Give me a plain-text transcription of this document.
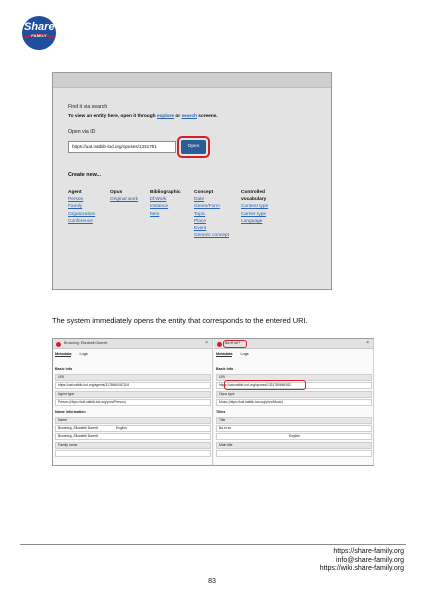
Share
FAMILY
Find it via search
To view an entity here, open it through explore or search screens.
Open via ID
https://uat.natbib-lod.org/opuses/1331761	Open
Create new...
Agent
Person
Family
Organization
Conference
Opus
Original work
Bibliographic
bf:Work
Instance
Item
Concept
Date
Genre/Form
Topic
Place
Event
Generic concept
Controlled vocabulary
Content type
Carrier type
Language
The system immediately opens the entity that corresponds to the entered URI.
Browsing: Elizabeth Barrett	×
Metadata Logs
Basic info
URI
https://uat.natbib-lod.org/agents/3178660067204
Agent type
Person (https://uat.natbib-lod.org/prov/Person)
Name information
Name
Browning, Elizabeth Barrett	English
Browning, Elizabeth Barrett
Family name
Ba et se?	×
Metadata Logs
Basic info
URI
https://uat.natbib-lod.org/opuses/1331789669182
Opus type
Music (https://uat.natbib-lod.org/prov/Music)
Titles
Title
Ba et se
English
Main title
https://share-family.org
info@share-family.org
https://wiki.share-family.org
83
